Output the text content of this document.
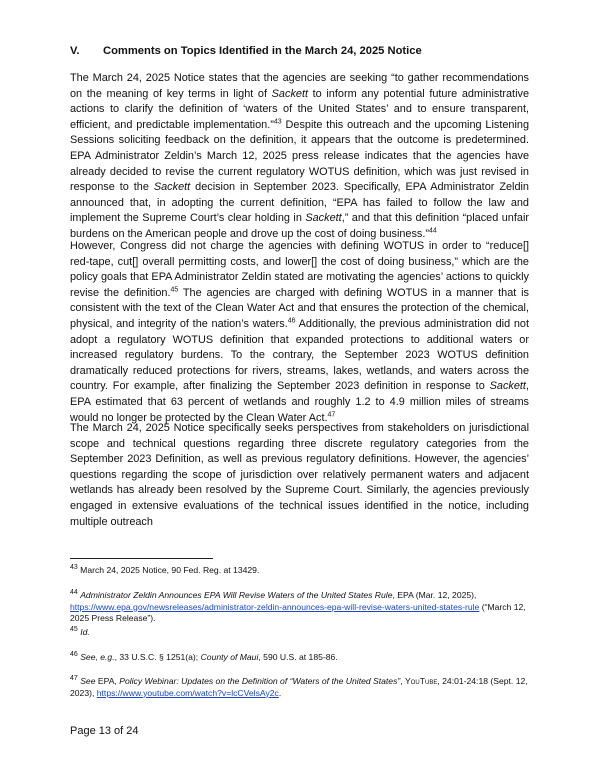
V. Comments on Topics Identified in the March 24, 2025 Notice

The March 24, 2025 Notice states that the agencies are seeking “to gather recommendations on the meaning of key terms in light of Sackett to inform any potential future administrative actions to clarify the definition of ‘waters of the United States’ and to ensure transparent, efficient, and predictable implementation.”$^{43}$ Despite this outreach and the upcoming Listening Sessions soliciting feedback on the definition, it appears that the outcome is predetermined. EPA Administrator Zeldin’s March 12, 2025 press release indicates that the agencies have already decided to revise the current regulatory WOTUS definition, which was just revised in response to the Sackett decision in September 2023. Specifically, EPA Administrator Zeldin announced that, in adopting the current definition, “EPA has failed to follow the law and implement the Supreme Court’s clear holding in Sackett,” and that this definition “placed unfair burdens on the American people and drove up the cost of doing business.”$^{44}$

However, Congress did not charge the agencies with defining WOTUS in order to “reduce[] red-tape, cut[] overall permitting costs, and lower[] the cost of doing business,” which are the policy goals that EPA Administrator Zeldin stated are motivating the agencies’ actions to quickly revise the definition.$^{45}$ The agencies are charged with defining WOTUS in a manner that is consistent with the text of the Clean Water Act and that ensures the protection of the chemical, physical, and integrity of the nation’s waters.$^{46}$ Additionally, the previous administration did not adopt a regulatory WOTUS definition that expanded protections to additional waters or increased regulatory burdens. To the contrary, the September 2023 WOTUS definition dramatically reduced protections for rivers, streams, lakes, wetlands, and waters across the country. For example, after finalizing the September 2023 definition in response to Sackett, EPA estimated that 63 percent of wetlands and roughly 1.2 to 4.9 million miles of streams would no longer be protected by the Clean Water Act.$^{47}$

The March 24, 2025 Notice specifically seeks perspectives from stakeholders on jurisdictional scope and technical questions regarding three discrete regulatory categories from the September 2023 Definition, as well as previous regulatory definitions. However, the agencies’ questions regarding the scope of jurisdiction over relatively permanent waters and adjacent wetlands has already been resolved by the Supreme Court. Similarly, the agencies previously engaged in extensive evaluations of the technical issues identified in the notice, including multiple outreach

$^{43}$ March 24, 2025 Notice, 90 Fed. Reg. at 13429.
$^{44}$ Administrator Zeldin Announces EPA Will Revise Waters of the United States Rule, EPA (Mar. 12, 2025), https://www.epa.gov/newsreleases/administrator-zeldin-announces-epa-will-revise-waters-united-states-rule (“March 12, 2025 Press Release”).
$^{45}$ Id.
$^{46}$ See, e.g., 33 U.S.C. § 1251(a); County of Maui, 590 U.S. at 185-86.
$^{47}$ See EPA, Policy Webinar: Updates on the Definition of “Waters of the United States”, YouTube, 24:01-24:18 (Sept. 12, 2023), https://www.youtube.com/watch?v=lcCVelsAy2c.
Page 13 of 24
